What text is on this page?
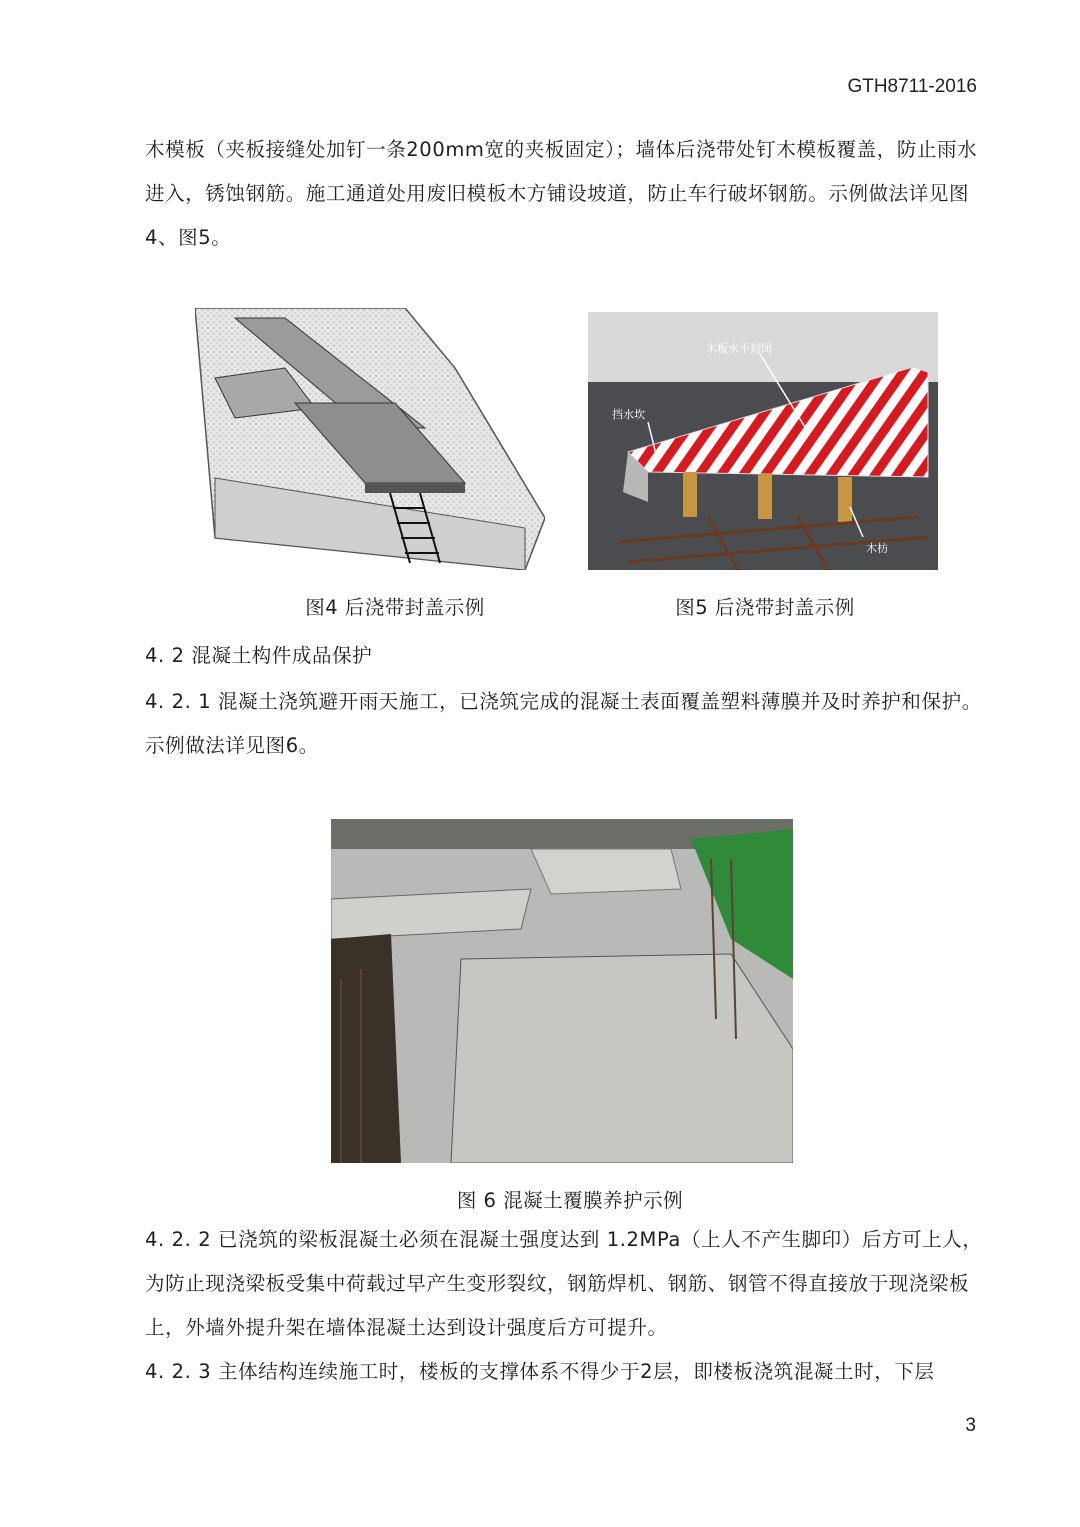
GTH8711-2016

木模板（夹板接缝处加钉一条200mm宽的夹板固定）；墙体后浇带处钉木模板覆盖，防止雨水进入，锈蚀钢筋。施工通道处用废旧模板木方铺设坡道，防止车行破坏钢筋。示例做法详见图4、图5。

木板水平封闭
挡水坎
木枋
图4 后浇带封盖示例	图5 后浇带封盖示例
4. 2 混凝土构件成品保护

4. 2. 1 混凝土浇筑避开雨天施工，已浇筑完成的混凝土表面覆盖塑料薄膜并及时养护和保护。示例做法详见图6。

图 6 混凝土覆膜养护示例

4. 2. 2 已浇筑的梁板混凝土必须在混凝土强度达到 1.2MPa（上人不产生脚印）后方可上人，为防止现浇梁板受集中荷载过早产生变形裂纹，钢筋焊机、钢筋、钢管不得直接放于现浇梁板上，外墙外提升架在墙体混凝土达到设计强度后方可提升。

4. 2. 3 主体结构连续施工时，楼板的支撑体系不得少于2层，即楼板浇筑混凝土时，下层

3
